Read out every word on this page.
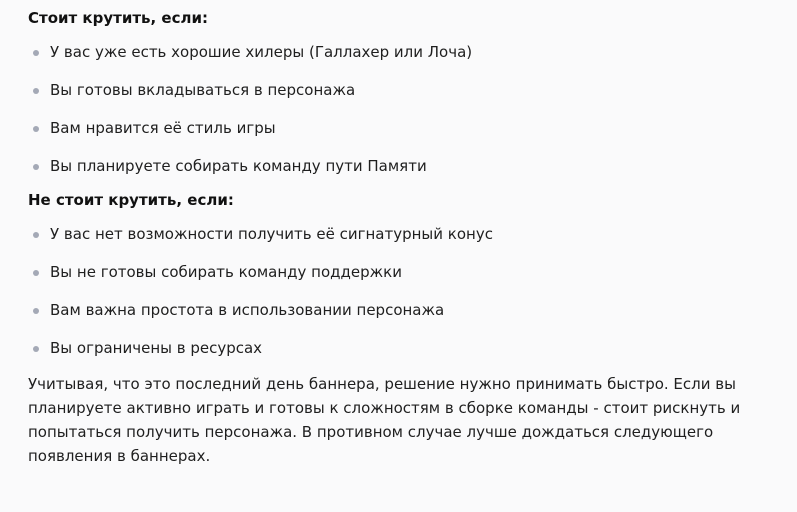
Стоит крутить, если:

У вас уже есть хорошие хилеры (Галлахер или Лоча)
Вы готовы вкладываться в персонажа
Вам нравится её стиль игры
Вы планируете собирать команду пути Памяти

Не стоит крутить, если:

У вас нет возможности получить её сигнатурный конус
Вы не готовы собирать команду поддержки
Вам важна простота в использовании персонажа
Вы ограничены в ресурсах

Учитывая, что это последний день баннера, решение нужно принимать быстро. Если вы планируете активно играть и готовы к сложностям в сборке команды - стоит рискнуть и попытаться получить персонажа. В противном случае лучше дождаться следующего появления в баннерах.
